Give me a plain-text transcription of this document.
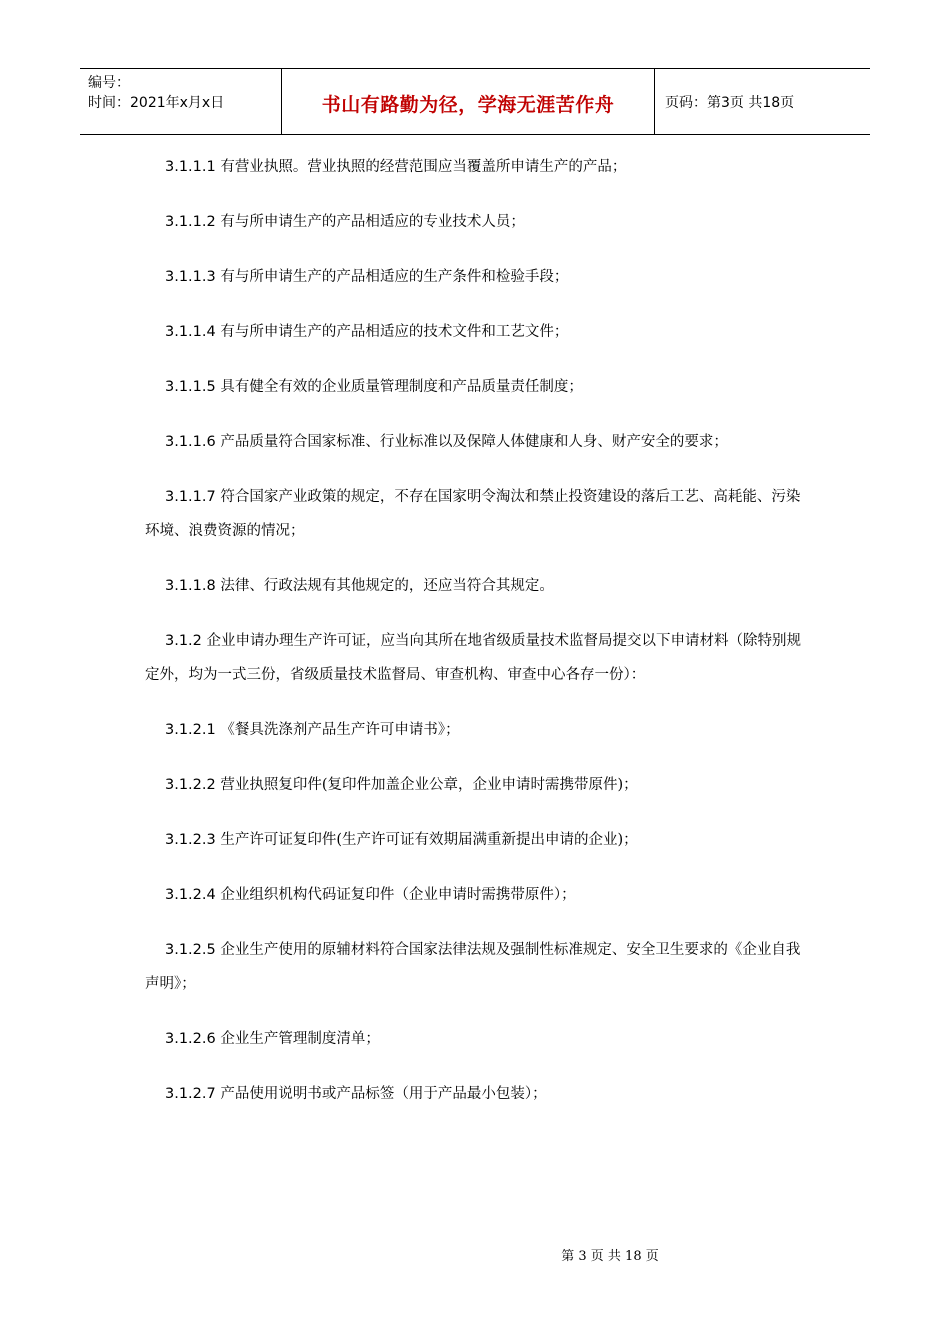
编号：
时间：2021年x月x日	书山有路勤为径，学海无涯苦作舟	页码：第3页 共18页

3.1.1.1 有营业执照。营业执照的经营范围应当覆盖所申请生产的产品；

3.1.1.2 有与所申请生产的产品相适应的专业技术人员；

3.1.1.3 有与所申请生产的产品相适应的生产条件和检验手段；

3.1.1.4 有与所申请生产的产品相适应的技术文件和工艺文件；

3.1.1.5 具有健全有效的企业质量管理制度和产品质量责任制度；

3.1.1.6 产品质量符合国家标准、行业标准以及保障人体健康和人身、财产安全的要求；

3.1.1.7 符合国家产业政策的规定，不存在国家明令淘汰和禁止投资建设的落后工艺、高耗能、污染环境、浪费资源的情况；

3.1.1.8 法律、行政法规有其他规定的，还应当符合其规定。

3.1.2 企业申请办理生产许可证，应当向其所在地省级质量技术监督局提交以下申请材料（除特别规定外，均为一式三份，省级质量技术监督局、审查机构、审查中心各存一份）：

3.1.2.1 《餐具洗涤剂产品生产许可申请书》；

3.1.2.2 营业执照复印件(复印件加盖企业公章，企业申请时需携带原件)；

3.1.2.3 生产许可证复印件(生产许可证有效期届满重新提出申请的企业)；

3.1.2.4 企业组织机构代码证复印件（企业申请时需携带原件）；

3.1.2.5 企业生产使用的原辅材料符合国家法律法规及强制性标准规定、安全卫生要求的《企业自我声明》；

3.1.2.6 企业生产管理制度清单；

3.1.2.7 产品使用说明书或产品标签（用于产品最小包装）；

第 3 页 共 18 页
